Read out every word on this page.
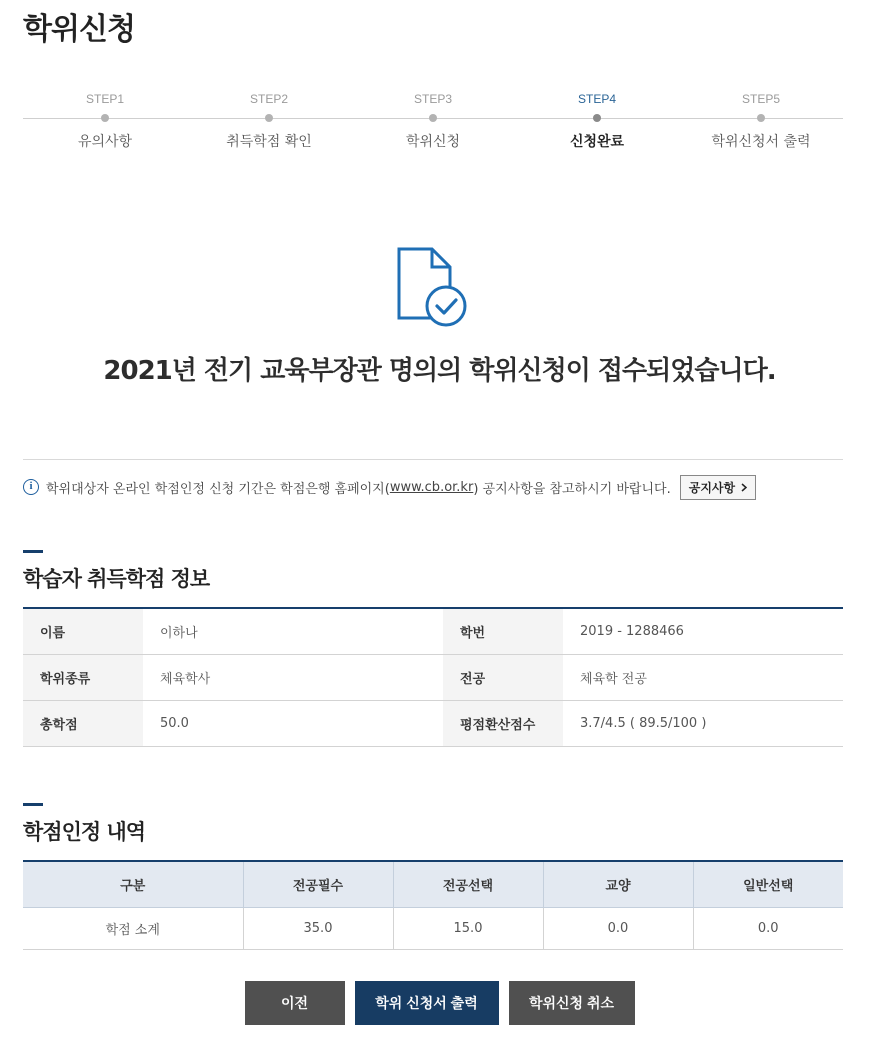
학위신청
STEP1
유의사항
STEP2
취득학점 확인
STEP3
학위신청
STEP4
신청완료
STEP5
학위신청서 출력
2021년 전기 교육부장관 명의의 학위신청이 접수되었습니다.
i	학위대상자 온라인 학점인정 신청 기간은 학점은행 홈페이지( www.cb.or.kr ) 공지사항을 참고하시기 바랍니다. 공지사항
학습자 취득학점 정보
이름	이하나	학번	2019 - 1288466
학위종류	체육학사	전공	체육학 전공
총학점	50.0	평점환산점수	3.7/4.5 ( 89.5/100 )
학점인정 내역
구분	전공필수	전공선택	교양	일반선택
학점 소계	35.0	15.0	0.0	0.0
이전	학위 신청서 출력	학위신청 취소
